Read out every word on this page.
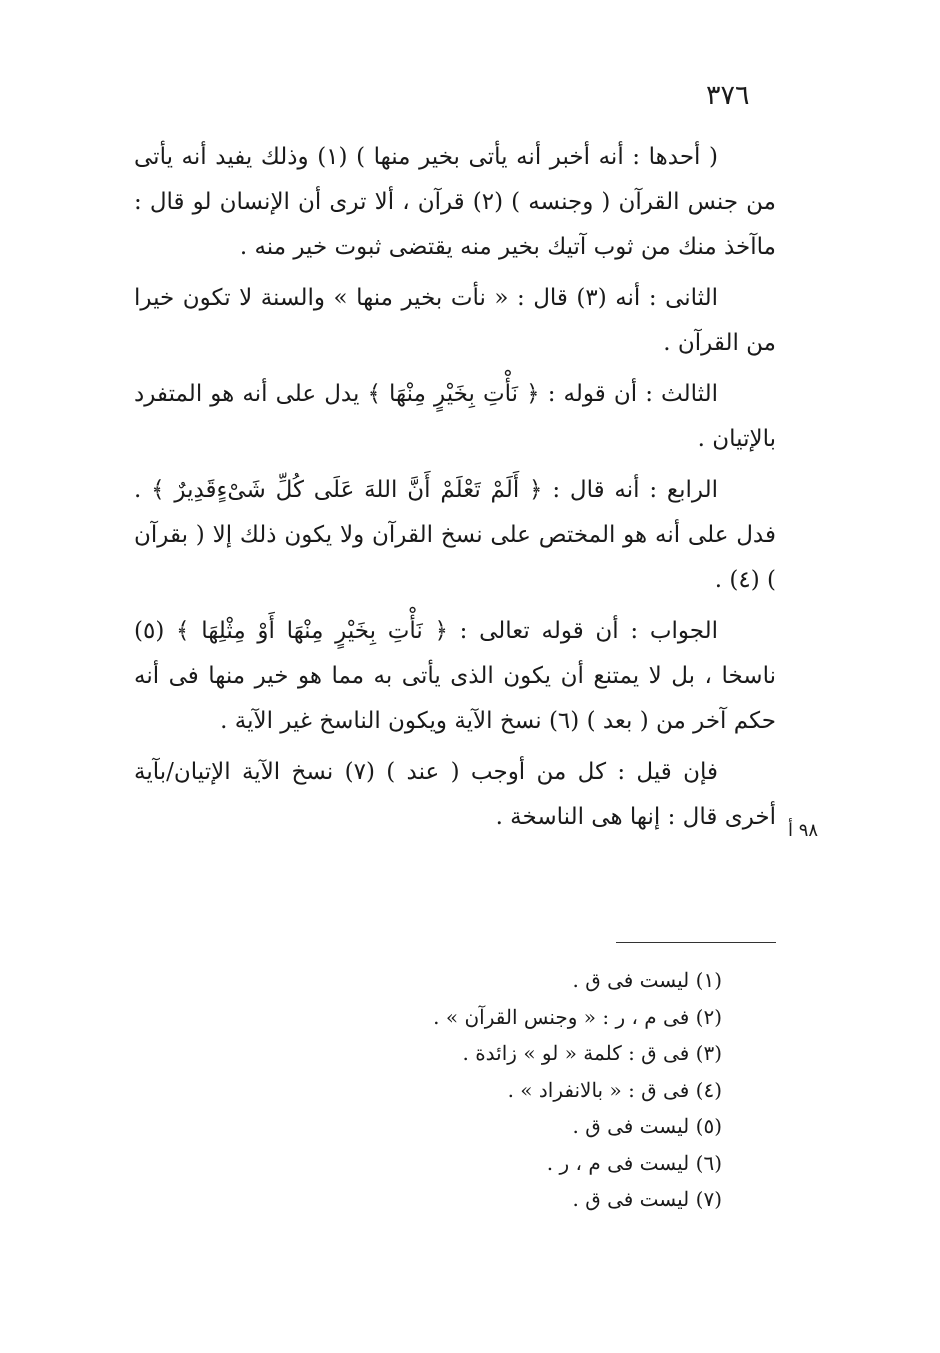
٣٧٦

( أحدها : أنه أخبر أنه يأتى بخير منها ) (١) وذلك يفيد أنه يأتى من جنس القرآن ( وجنسه ) (٢) قرآن ، ألا ترى أن الإنسان لو قال : ماآخذ منك من ثوب آتيك بخير منه يقتضى ثبوت خير منه .

الثانى : أنه (٣) قال : « نأت بخير منها » والسنة لا تكون خيرا من القرآن .

الثالث : أن قوله : ﴿ نَأْتِ بِخَيْرٍ مِنْهَا ﴾ يدل على أنه هو المتفرد بالإتيان .

الرابع : أنه قال : ﴿ أَلَمْ تَعْلَمْ أَنَّ اللهَ عَلَى كُلِّ شَىْءٍقَدِيرٌ ﴾ . فدل على أنه هو المختص على نسخ القرآن ولا يكون ذلك إلا ( بقرآن ) (٤) .

الجواب : أن قوله تعالى : ﴿ نَأْتِ بِخَيْرٍ مِنْهَا أَوْ مِثْلِهَا ﴾ (٥) ناسخا ، بل لا يمتنع أن يكون الذى يأتى به مما هو خير منها فى أنه حكم آخر من ( بعد ) (٦) نسخ الآية ويكون الناسخ غير الآية .

فإن قيل : كل من أوجب ( عند ) (٧) نسخ الآية الإتيان/بآية أخرى قال : إنها هى الناسخة .

٩٨ أ
(١) ليست فى ق .
(٢) فى م ، ر : « وجنس القرآن » .
(٣) فى ق : كلمة « لو » زائدة .
(٤) فى ق : « بالانفراد » .
(٥) ليست فى ق .
(٦) ليست فى م ، ر .
(٧) ليست فى ق .
